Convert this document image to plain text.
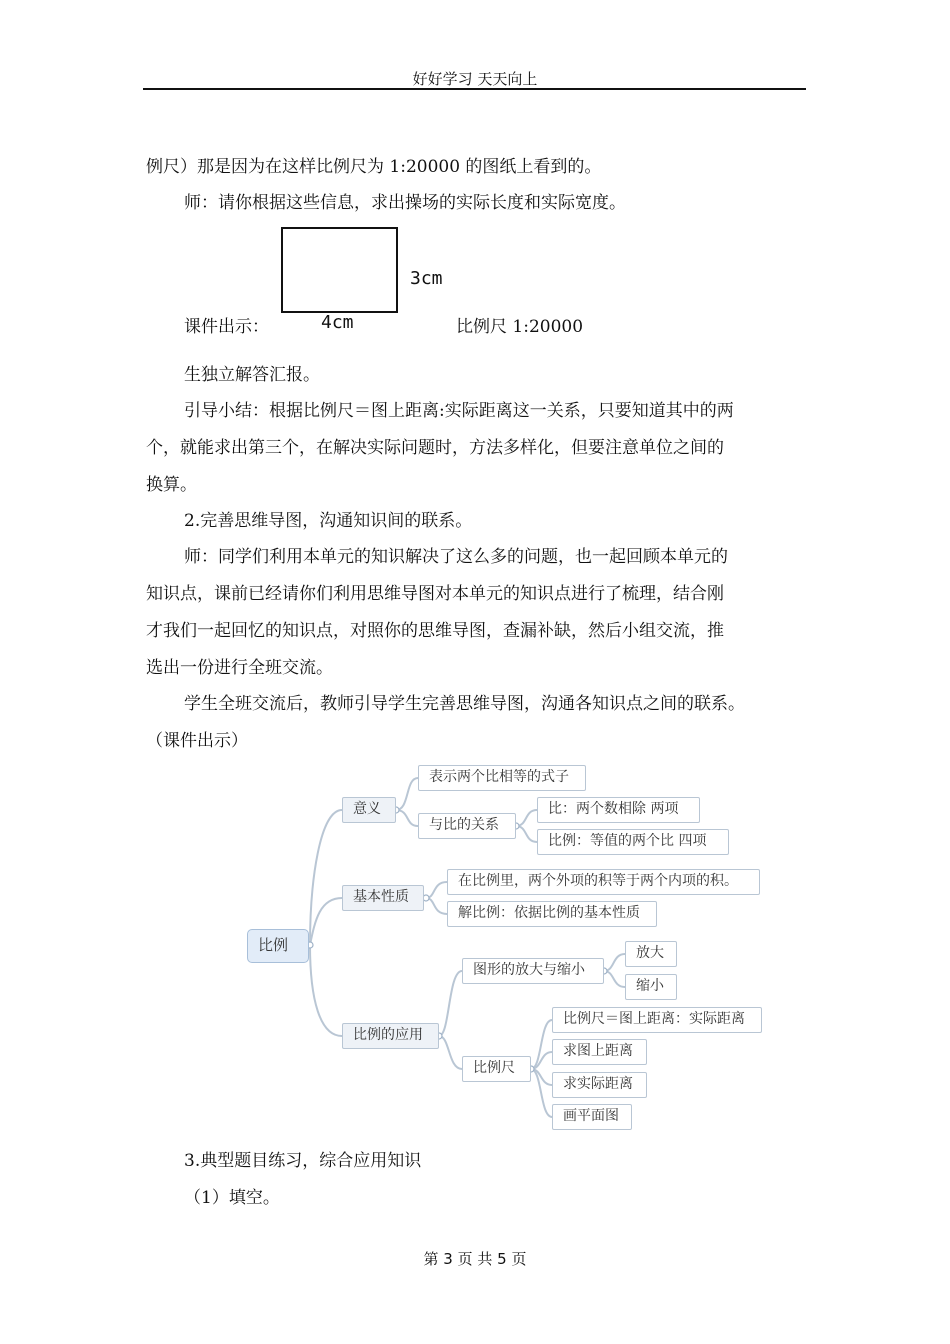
好好学习 天天向上
例尺）那是因为在这样比例尺为 1:20000 的图纸上看到的。
师：请你根据这些信息，求出操场的实际长度和实际宽度。
3cm
4cm
课件出示：	比例尺 1:20000
生独立解答汇报。
引导小结：根据比例尺＝图上距离:实际距离这一关系，只要知道其中的两
个，就能求出第三个，在解决实际问题时，方法多样化，但要注意单位之间的
换算。
2.完善思维导图，沟通知识间的联系。
师：同学们利用本单元的知识解决了这么多的问题，也一起回顾本单元的
知识点，课前已经请你们利用思维导图对本单元的知识点进行了梳理，结合刚
才我们一起回忆的知识点，对照你的思维导图，查漏补缺，然后小组交流，推
选出一份进行全班交流。
学生全班交流后，教师引导学生完善思维导图，沟通各知识点之间的联系。
（课件出示）
比例
意义
表示两个比相等的式子
与比的关系
比：两个数相除 两项
比例：等值的两个比 四项
基本性质
在比例里，两个外项的积等于两个内项的积。
解比例：依据比例的基本性质
比例的应用
图形的放大与缩小
放大
缩小
比例尺
比例尺＝图上距离：实际距离
求图上距离
求实际距离
画平面图
3.典型题目练习，综合应用知识
（1）填空。
第 3 页 共 5 页
